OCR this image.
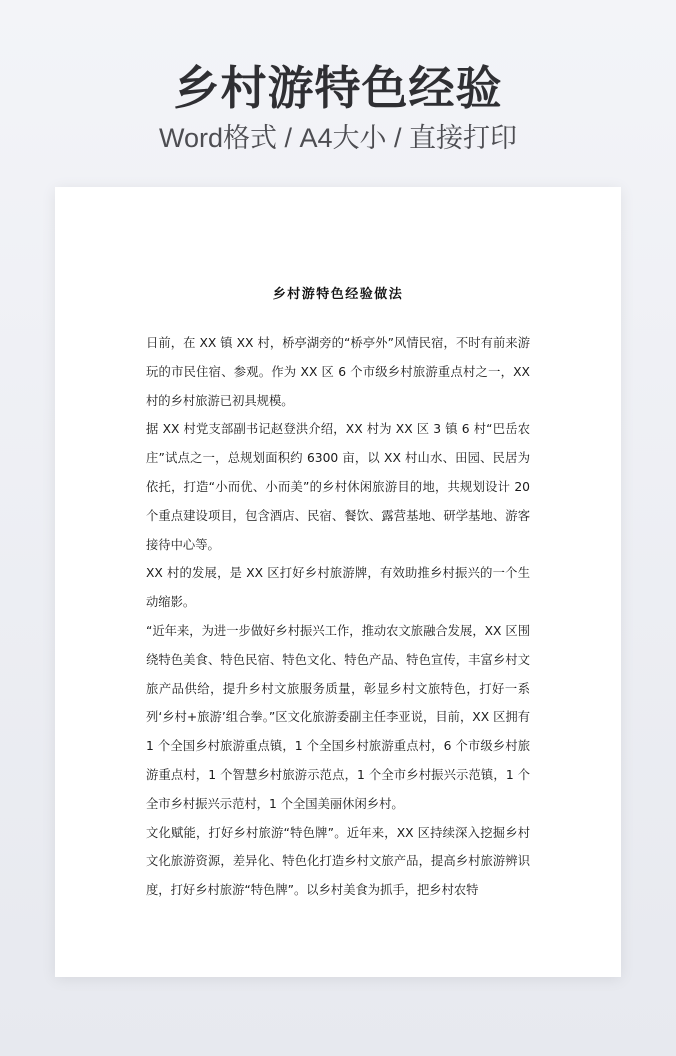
乡村游特色经验
Word格式 / A4大小 / 直接打印
乡村游特色经验做法

日前，在 XX 镇 XX 村，桥亭湖旁的“桥亭外”风情民宿，不时有前来游玩的市民住宿、参观。作为 XX 区 6 个市级乡村旅游重点村之一，XX 村的乡村旅游已初具规模。

据 XX 村党支部副书记赵登洪介绍，XX 村为 XX 区 3 镇 6 村“巴岳农庄”试点之一，总规划面积约 6300 亩，以 XX 村山水、田园、民居为依托，打造“小而优、小而美”的乡村休闲旅游目的地，共规划设计 20 个重点建设项目，包含酒店、民宿、餐饮、露营基地、研学基地、游客接待中心等。

XX 村的发展，是 XX 区打好乡村旅游牌，有效助推乡村振兴的一个生动缩影。

“近年来，为进一步做好乡村振兴工作，推动农文旅融合发展，XX 区围绕特色美食、特色民宿、特色文化、特色产品、特色宣传，丰富乡村文旅产品供给，提升乡村文旅服务质量，彰显乡村文旅特色，打好一系列‘乡村+旅游’组合拳。”区文化旅游委副主任李亚说，目前，XX 区拥有 1 个全国乡村旅游重点镇，1 个全国乡村旅游重点村，6 个市级乡村旅游重点村，1 个智慧乡村旅游示范点，1 个全市乡村振兴示范镇，1 个全市乡村振兴示范村，1 个全国美丽休闲乡村。

文化赋能，打好乡村旅游“特色牌”。近年来，XX 区持续深入挖掘乡村文化旅游资源，差异化、特色化打造乡村文旅产品，提高乡村旅游辨识度，打好乡村旅游“特色牌”。以乡村美食为抓手，把乡村农特
